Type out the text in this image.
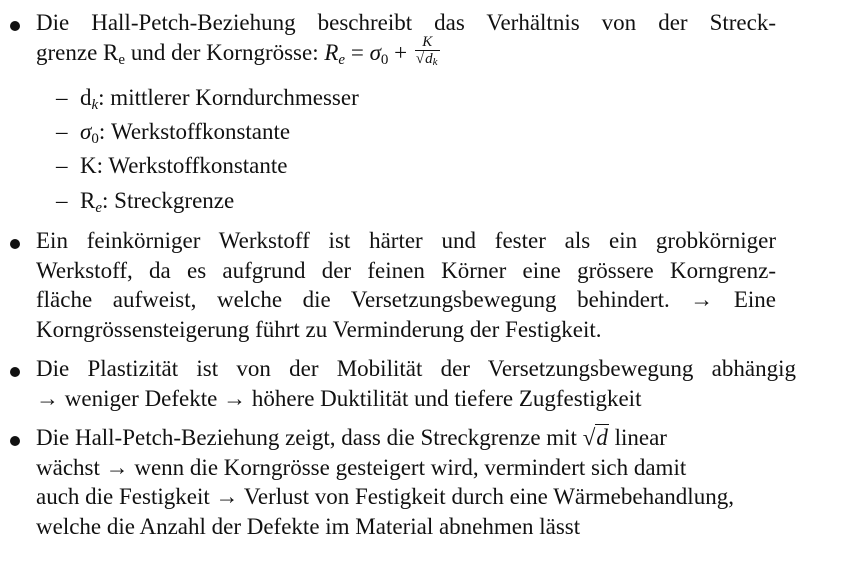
Die Hall-Petch-Beziehung beschreibt das Verhältnis von der Streck-
grenze $R_e$ und der Korngrösse: $R_e = \sigma_0 + \frac{K}{√d_k}$
– $d_k$: mittlerer Korndurchmesser
– $\sigma_0$: Werkstoffkonstante
– K: Werkstoffkonstante
– $R_e$: Streckgrenze
Ein feinkörniger Werkstoff ist härter und fester als ein grobkörniger
Werkstoff, da es aufgrund der feinen Körner eine grössere Korngrenz-
fläche aufweist, welche die Versetzungsbewegung behindert. → Eine
Korngrössensteigerung führt zu Verminderung der Festigkeit.
Die Plastizität ist von der Mobilität der Versetzungsbewegung abhängig
→ weniger Defekte → höhere Duktilität und tiefere Zugfestigkeit
Die Hall-Petch-Beziehung zeigt, dass die Streckgrenze mit √d linear
wächst → wenn die Korngrösse gesteigert wird, vermindert sich damit
auch die Festigkeit → Verlust von Festigkeit durch eine Wärmebehandlung,
welche die Anzahl der Defekte im Material abnehmen lässt
